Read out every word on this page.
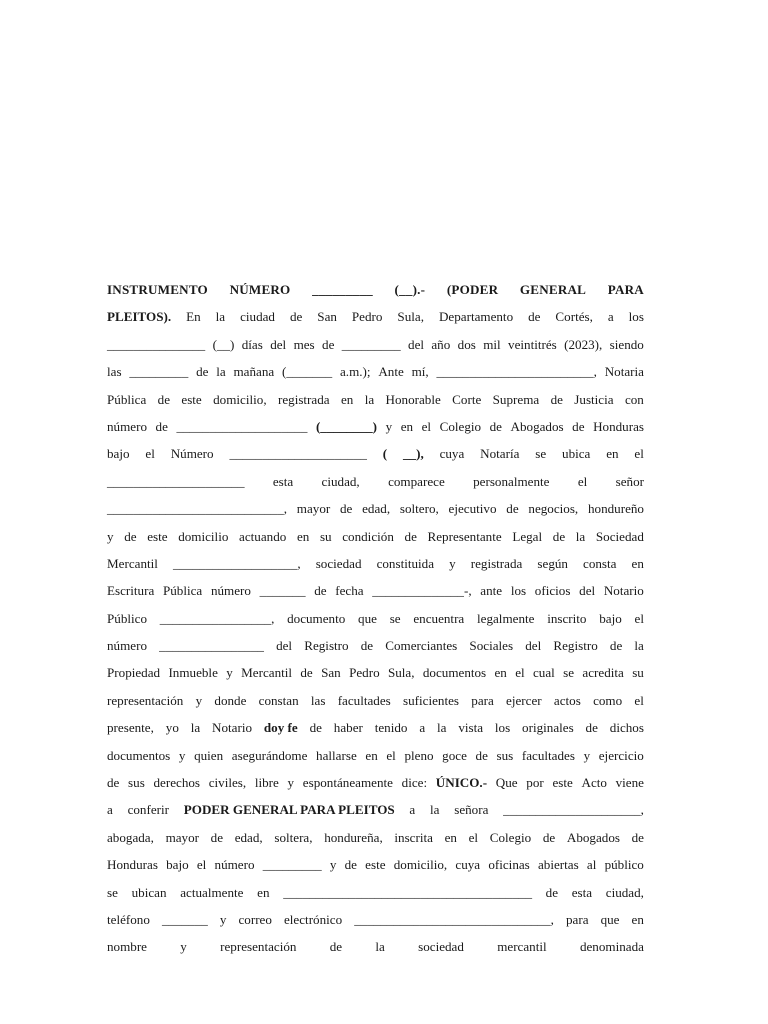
INSTRUMENTO NÚMERO _________ (__).- (PODER GENERAL PARA
PLEITOS). En la ciudad de San Pedro Sula, Departamento de Cortés, a los
_______________ (__) días del mes de _________ del año dos mil veintitrés (2023), siendo
las _________ de la mañana (_______ a.m.); Ante mí, ________________________, Notaria
Pública de este domicilio, registrada en la Honorable Corte Suprema de Justicia con
número de ____________________ (________) y en el Colegio de Abogados de Honduras
bajo el Número _____________________ ( __), cuya Notaría se ubica en el
_____________________ esta ciudad, comparece personalmente el señor
___________________________, mayor de edad, soltero, ejecutivo de negocios, hondureño
y de este domicilio actuando en su condición de Representante Legal de la Sociedad
Mercantil ___________________, sociedad constituida y registrada según consta en
Escritura Pública número _______ de fecha ______________-, ante los oficios del Notario
Público _________________, documento que se encuentra legalmente inscrito bajo el
número ________________ del Registro de Comerciantes Sociales del Registro de la
Propiedad Inmueble y Mercantil de San Pedro Sula, documentos en el cual se acredita su
representación y donde constan las facultades suficientes para ejercer actos como el
presente, yo la Notario doy fe de haber tenido a la vista los originales de dichos
documentos y quien asegurándome hallarse en el pleno goce de sus facultades y ejercicio
de sus derechos civiles, libre y espontáneamente dice: ÚNICO.- Que por este Acto viene
a conferir PODER GENERAL PARA PLEITOS a la señora _____________________,
abogada, mayor de edad, soltera, hondureña, inscrita en el Colegio de Abogados de
Honduras bajo el número _________ y de este domicilio, cuya oficinas abiertas al público
se ubican actualmente en ______________________________________ de esta ciudad,
teléfono _______ y correo electrónico ______________________________, para que en
nombre	y	representación	de	la	sociedad	mercantil	denominada
